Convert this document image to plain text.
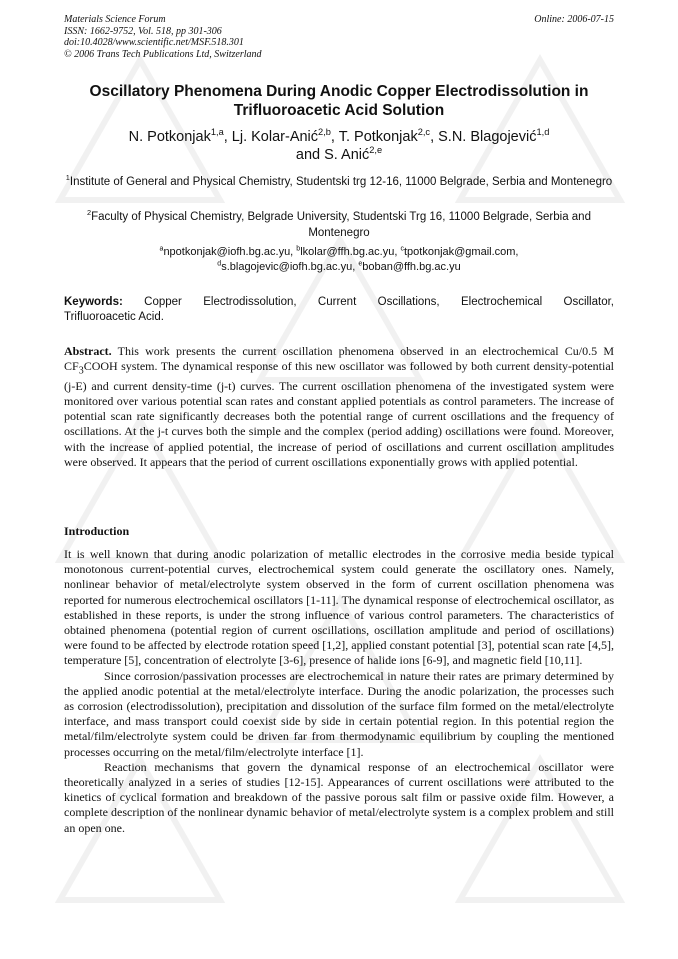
Materials Science Forum
ISSN: 1662-9752, Vol. 518, pp 301-306
doi:10.4028/www.scientific.net/MSF.518.301
© 2006 Trans Tech Publications Ltd, Switzerland
Online: 2006-07-15
Oscillatory Phenomena During Anodic Copper Electrodissolution in
Trifluoroacetic Acid Solution
N. Potkonjak$^{1,a}$, Lj. Kolar-Anić$^{2,b}$, T. Potkonjak$^{2,c}$, S.N. Blagojević$^{1,d}$
and S. Anić$^{2,e}$
$^1$Institute of General and Physical Chemistry, Studentski trg 12-16, 11000 Belgrade, Serbia and Montenegro
$^2$Faculty of Physical Chemistry, Belgrade University, Studentski Trg 16, 11000 Belgrade, Serbia and Montenegro
$^a$npotkonjak@iofh.bg.ac.yu, $^b$lkolar@ffh.bg.ac.yu, $^c$tpotkonjak@gmail.com,
$^d$s.blagojevic@iofh.bg.ac.yu, $^e$boban@ffh.bg.ac.yu
Keywords: Copper Electrodissolution, Current Oscillations, Electrochemical Oscillator,
Trifluoroacetic Acid.

Abstract. This work presents the current oscillation phenomena observed in an electrochemical Cu/0.5 M $CF_3COOH$ system. The dynamical response of this new oscillator was followed by both current density-potential (j-E) and current density-time (j-t) curves. The current oscillation phenomena of the investigated system were monitored over various potential scan rates and constant applied potentials as control parameters. The increase of potential scan rate significantly decreases both the potential range of current oscillations and the frequency of oscillations. At the j-t curves both the simple and the complex (period adding) oscillations were found. Moreover, with the increase of applied potential, the increase of period of oscillations and current oscillation amplitudes were observed. It appears that the period of current oscillations exponentially grows with applied potential.

Introduction

It is well known that during anodic polarization of metallic electrodes in the corrosive media beside typical monotonous current-potential curves, electrochemical system could generate the oscillatory ones. Namely, nonlinear behavior of metal/electrolyte system observed in the form of current oscillation phenomena was reported for numerous electrochemical oscillators [1-11]. The dynamical response of electrochemical oscillator, as established in these reports, is under the strong influence of various control parameters. The characteristics of obtained phenomena (potential region of current oscillations, oscillation amplitude and period of oscillations) were found to be affected by electrode rotation speed [1,2], applied constant potential [3], potential scan rate [4,5], temperature [5], concentration of electrolyte [3-6], presence of halide ions [6-9], and magnetic field [10,11].

Since corrosion/passivation processes are electrochemical in nature their rates are primary determined by the applied anodic potential at the metal/electrolyte interface. During the anodic polarization, the processes such as corrosion (electrodissolution), precipitation and dissolution of the surface film formed on the metal/electrolyte interface, and mass transport could coexist side by side in certain potential region. In this potential region the metal/film/electrolyte system could be driven far from thermodynamic equilibrium by coupling the mentioned processes occurring on the metal/film/electrolyte interface [1].

Reaction mechanisms that govern the dynamical response of an electrochemical oscillator were theoretically analyzed in a series of studies [12-15]. Appearances of current oscillations were attributed to the kinetics of cyclical formation and breakdown of the passive porous salt film or passive oxide film. However, a complete description of the nonlinear dynamic behavior of metal/electrolyte system is a complex problem and still an open one.
